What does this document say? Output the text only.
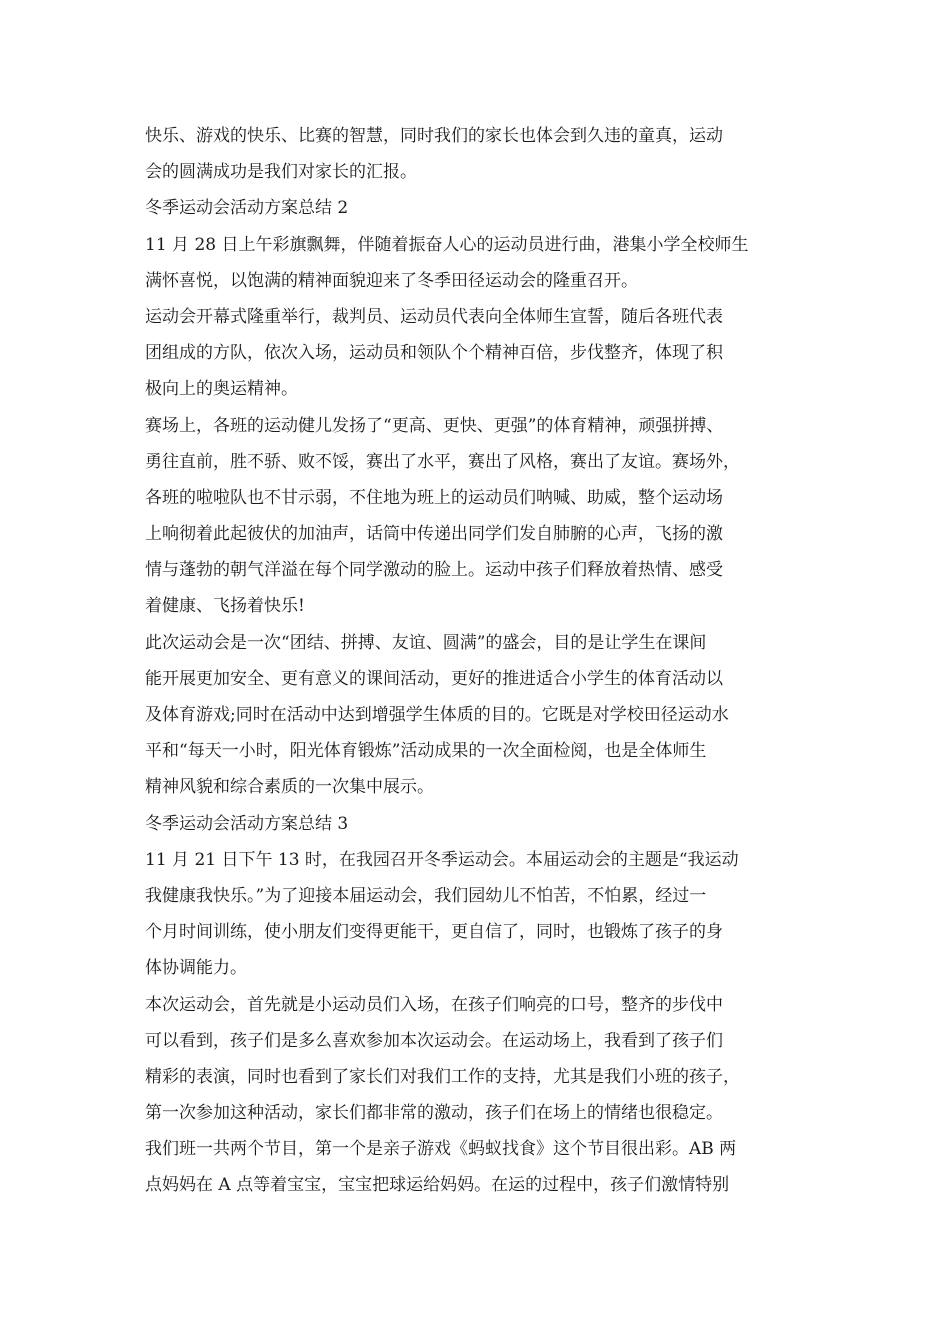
快乐、游戏的快乐、比赛的智慧，同时我们的家长也体会到久违的童真，运动
会的圆满成功是我们对家长的汇报。
冬季运动会活动方案总结 2
11 月 28 日上午彩旗飘舞，伴随着振奋人心的运动员进行曲，港集小学全校师生
满怀喜悦，以饱满的精神面貌迎来了冬季田径运动会的隆重召开。
运动会开幕式隆重举行，裁判员、运动员代表向全体师生宣誓，随后各班代表
团组成的方队，依次入场，运动员和领队个个精神百倍，步伐整齐，体现了积
极向上的奥运精神。
赛场上，各班的运动健儿发扬了“更高、更快、更强”的体育精神，顽强拼搏、
勇往直前，胜不骄、败不馁，赛出了水平，赛出了风格，赛出了友谊。赛场外，
各班的啦啦队也不甘示弱，不住地为班上的运动员们呐喊、助威，整个运动场
上响彻着此起彼伏的加油声，话筒中传递出同学们发自肺腑的心声，飞扬的激
情与蓬勃的朝气洋溢在每个同学激动的脸上。运动中孩子们释放着热情、感受
着健康、飞扬着快乐!
此次运动会是一次“团结、拼搏、友谊、圆满”的盛会，目的是让学生在课间
能开展更加安全、更有意义的课间活动，更好的推进适合小学生的体育活动以
及体育游戏;同时在活动中达到增强学生体质的目的。它既是对学校田径运动水
平和“每天一小时，阳光体育锻炼”活动成果的一次全面检阅，也是全体师生
精神风貌和综合素质的一次集中展示。
冬季运动会活动方案总结 3
11 月 21 日下午 13 时，在我园召开冬季运动会。本届运动会的主题是“我运动
我健康我快乐。”为了迎接本届运动会，我们园幼儿不怕苦，不怕累，经过一
个月时间训练，使小朋友们变得更能干，更自信了，同时，也锻炼了孩子的身
体协调能力。
本次运动会，首先就是小运动员们入场，在孩子们响亮的口号，整齐的步伐中
可以看到，孩子们是多么喜欢参加本次运动会。在运动场上，我看到了孩子们
精彩的表演，同时也看到了家长们对我们工作的支持，尤其是我们小班的孩子，
第一次参加这种活动，家长们都非常的激动，孩子们在场上的情绪也很稳定。
我们班一共两个节目，第一个是亲子游戏《蚂蚁找食》这个节目很出彩。AB 两
点妈妈在 A 点等着宝宝，宝宝把球运给妈妈。在运的过程中，孩子们激情特别
